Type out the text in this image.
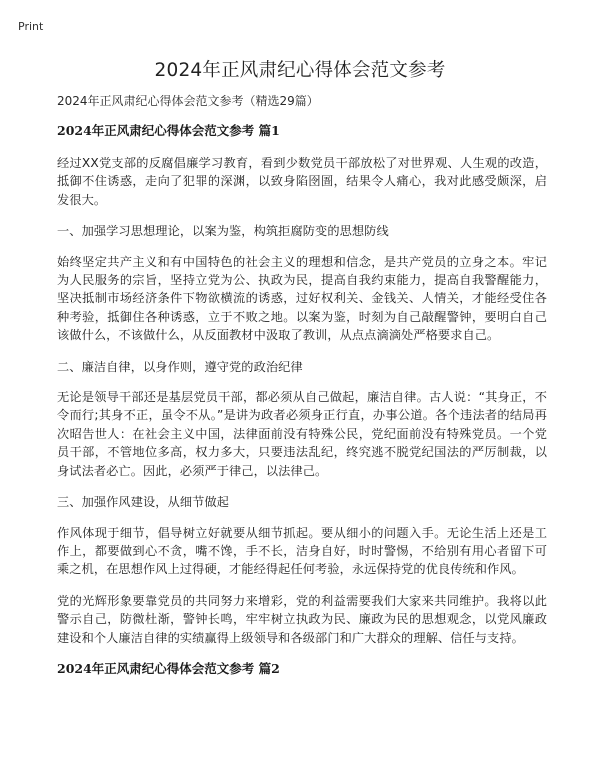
Print
2024年正风肃纪心得体会范文参考
2024年正风肃纪心得体会范文参考（精选29篇）
2024年正风肃纪心得体会范文参考 篇1
经过XX党支部的反腐倡廉学习教育，看到少数党员干部放松了对世界观、人生观的改造，抵御不住诱惑，走向了犯罪的深渊，以致身陷囹圄，结果令人痛心，我对此感受颇深，启发很大。
一、加强学习思想理论，以案为鉴，构筑拒腐防变的思想防线
始终坚定共产主义和有中国特色的社会主义的理想和信念，是共产党员的立身之本。牢记为人民服务的宗旨，坚持立党为公、执政为民，提高自我约束能力，提高自我警醒能力，坚决抵制市场经济条件下物欲横流的诱惑，过好权利关、金钱关、人情关，才能经受住各种考验，抵御住各种诱惑，立于不败之地。以案为鉴，时刻为自己敲醒警钟，要明白自己该做什么，不该做什么，从反面教材中汲取了教训，从点点滴滴处严格要求自己。
二、廉洁自律，以身作则，遵守党的政治纪律
无论是领导干部还是基层党员干部，都必须从自己做起，廉洁自律。古人说：“其身正，不令而行;其身不正，虽令不从。”是讲为政者必须身正行直，办事公道。各个违法者的结局再次昭告世人：在社会主义中国，法律面前没有特殊公民，党纪面前没有特殊党员。一个党员干部，不管地位多高，权力多大，只要违法乱纪，终究逃不脱党纪国法的严厉制裁，以身试法者必亡。因此，必须严于律己，以法律己。
三、加强作风建设，从细节做起
作风体现于细节，倡导树立好就要从细节抓起。要从细小的问题入手。无论生活上还是工作上，都要做到心不贪，嘴不馋，手不长，洁身自好，时时警惕，不给别有用心者留下可乘之机，在思想作风上过得硬，才能经得起任何考验，永远保持党的优良传统和作风。
党的光辉形象要靠党员的共同努力来增彩，党的利益需要我们大家来共同维护。我将以此警示自己，防微杜渐，警钟长鸣，牢牢树立执政为民、廉政为民的思想观念，以党风廉政建设和个人廉洁自律的实绩赢得上级领导和各级部门和广大群众的理解、信任与支持。
2024年正风肃纪心得体会范文参考 篇2
